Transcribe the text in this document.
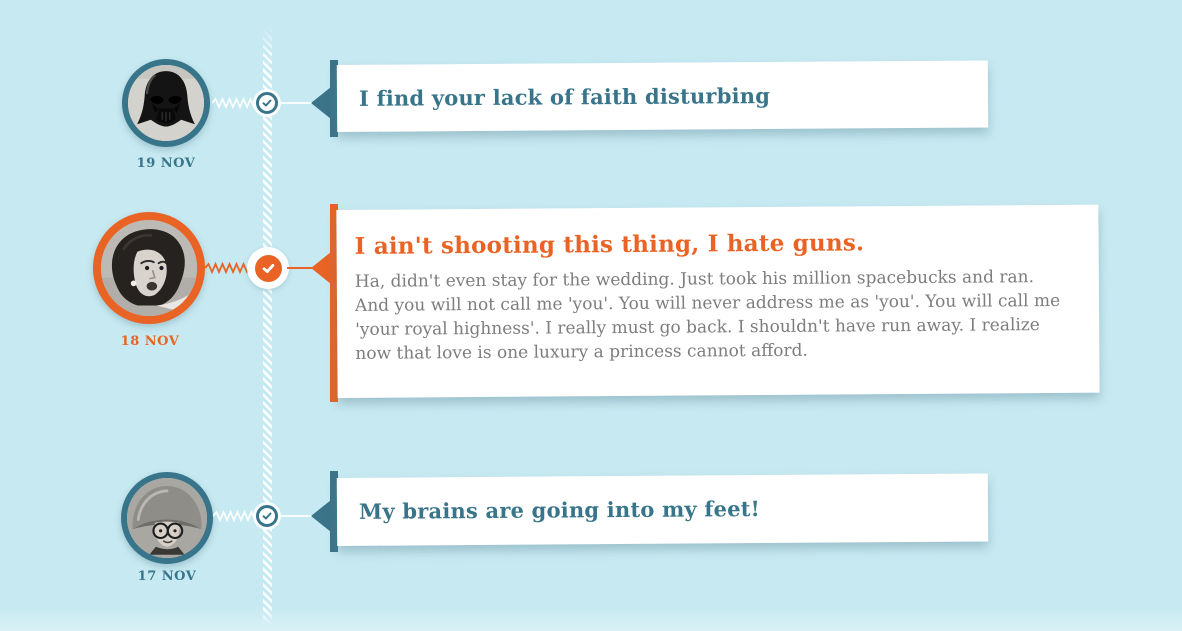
19 NOV
I find your lack of faith disturbing
18 NOV
I ain't shooting this thing, I hate guns.
Ha, didn't even stay for the wedding. Just took his million spacebucks and ran. And you will not call me 'you'. You will never address me as 'you'. You will call me 'your royal highness'. I really must go back. I shouldn't have run away. I realize now that love is one luxury a princess cannot afford.
17 NOV
My brains are going into my feet!
